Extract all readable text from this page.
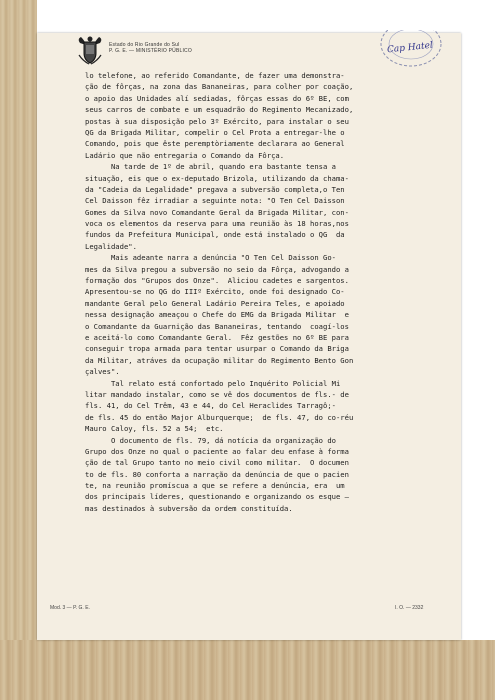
Estado do Rio Grande do Sul
P. G. E. — MINISTÉRIO PÚBLICO	Cap Hatel
lo telefone, ao referido Comandante, de fazer uma demonstra-
ção de fôrças, na zona das Bananeiras, para colher por coação,
o apoio das Unidades alí sediadas, fôrças essas do 6º BE, com
seus carros de combate e um esquadrão do Regimento Mecanizado,
postas à sua disposição pelo 3º Exército, para instalar o seu
QG da Brigada Militar, compelir o Cel Prota a entregar-lhe o
Comando, pois que êste peremptòriamente declarara ao General
Ladário que não entregaria o Comando da Fôrça.
Na tarde de 1º de abril, quando era bastante tensa a
situação, eis que o ex-deputado Brizola, utilizando da chama-
da "Cadeia da Legalidade" pregava a subversão completa,o Ten
Cel Daisson fêz irradiar a seguinte nota: "O Ten Cel Daisson
Gomes da Silva novo Comandante Geral da Brigada Militar, con-
voca os elementos da reserva para uma reunião às 18 horas,nos
fundos da Prefeitura Municipal, onde está instalado o QG  da
Legalidade".
Mais adeante narra a denúncia "O Ten Cel Daisson Go-
mes da Silva pregou a subversão no seio da Fôrça, advogando a
formação dos "Grupos dos Onze".  Aliciou cadetes e sargentos.
Apresentou-se no QG do IIIº Exército, onde foi designado Co-
mandante Geral pelo General Ladário Pereira Teles, e apoiado
nessa designação ameaçou o Chefe do EMG da Brigada Militar  e
o Comandante da Guarnição das Bananeiras, tentando  coagí-los
e aceitá-lo como Comandante Geral.  Fêz gestões no 6º BE para
conseguir tropa armada para tentar usurpar o Comando da Briga
da Militar, atráves da ocupação militar do Regimento Bento Gon
çalves".
Tal relato está confortado pelo Inquérito Policial Mi
litar mandado instalar, como se vê dos documentos de fls.- de
fls. 41, do Cel Trêm, 43 e 44, do Cel Heraclides Tarragô;-
de fls. 45 do então Major Alburquerque;  de fls. 47, do co-réu
Mauro Caloy, fls. 52 a 54;  etc.
O documento de fls. 79, dá notícia da organização do
Grupo dos Onze no qual o paciente ao falar deu enfase à forma
ção de tal Grupo tanto no meio civil como militar.  O documen
to de fls. 80 conforta a narração da denúncia de que o pacien
te, na reunião promíscua a que se refere a denúncia, era  um
dos principais líderes, questionando e organizando os esque —
mas destinados à subversão da ordem constituída.
Mod. 3 — P. G. E.	I. O. — 2332
